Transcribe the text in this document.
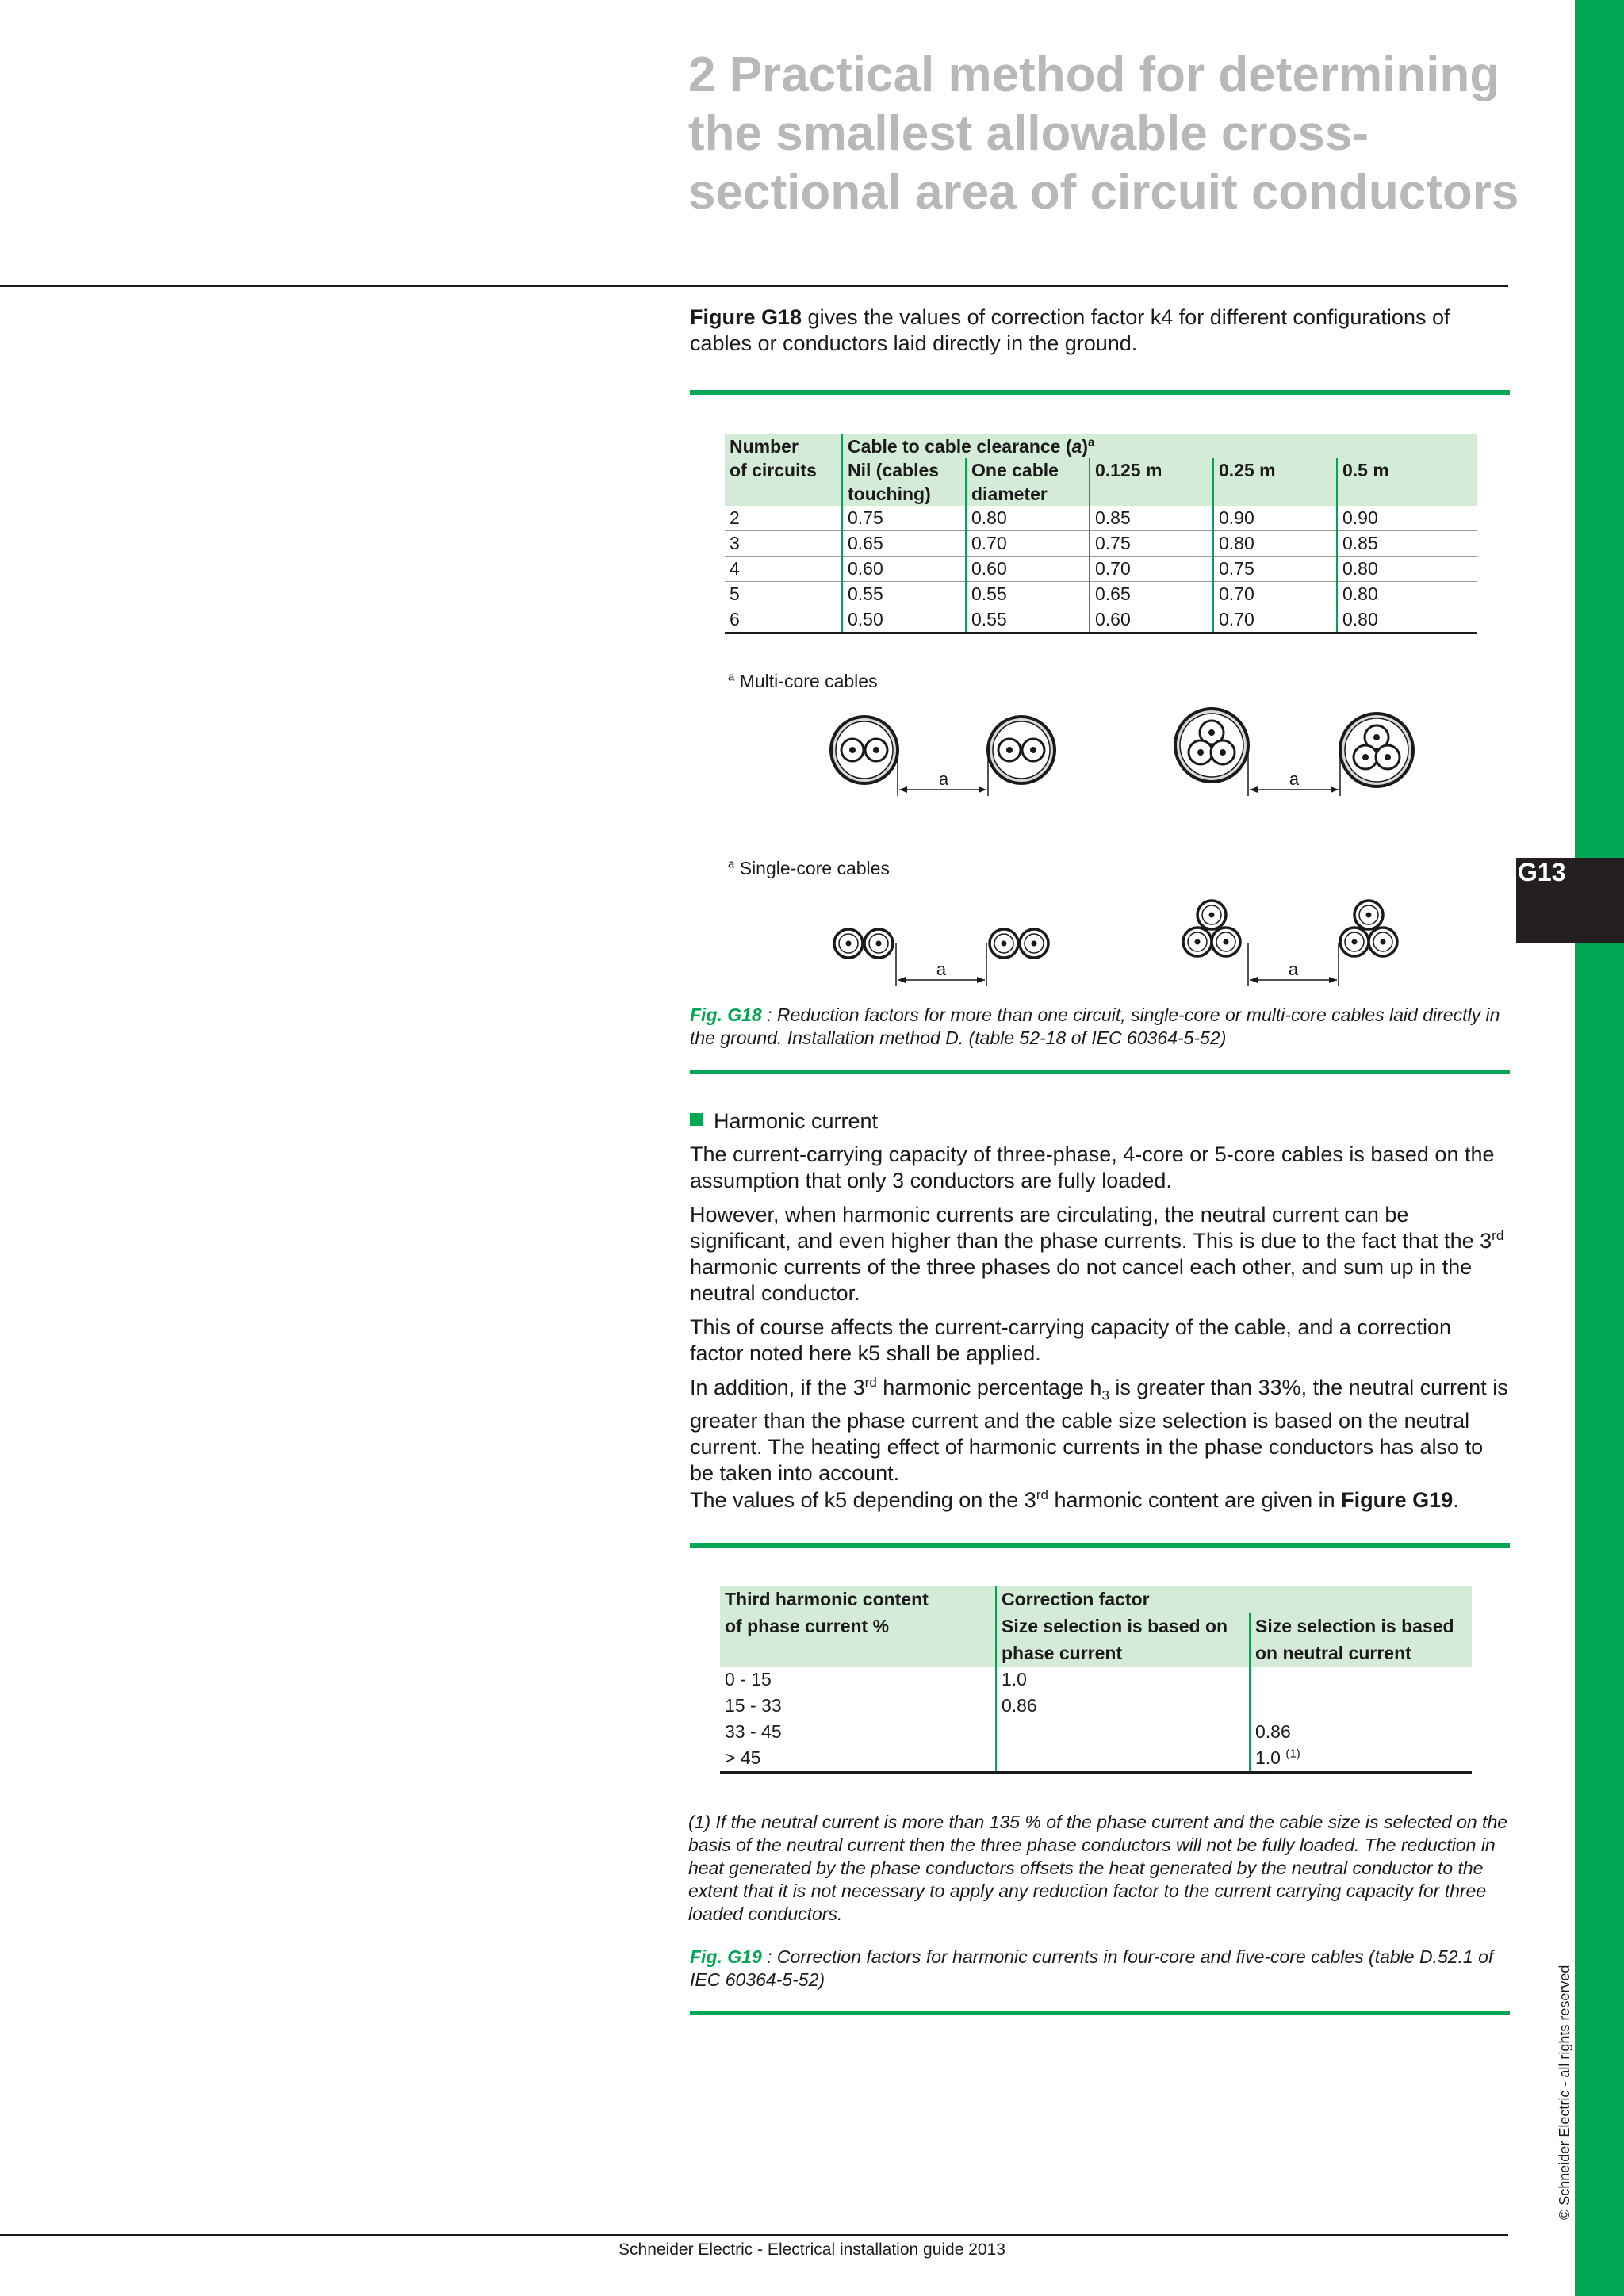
G13
© Schneider Electric - all rights reserved
2 Practical method for determining the smallest allowable cross-sectional area of circuit conductors

Figure G18 gives the values of correction factor k4 for different configurations of cables or conductors laid directly in the ground.

Number	Cable to cable clearance (a)$^a$
of circuits	Nil (cables touching)	One cable diameter	0.125 m	0.25 m	0.5 m
2	0.75	0.80	0.85	0.90	0.90
3	0.65	0.70	0.75	0.80	0.85
4	0.60	0.60	0.70	0.75	0.80
5	0.55	0.55	0.65	0.70	0.80
6	0.50	0.55	0.60	0.70	0.80
$^a$ Multi-core cables
a	a
$^a$ Single-core cables
a	a

Fig. G18 : Reduction factors for more than one circuit, single-core or multi-core cables laid directly in the ground. Installation method D. (table 52-18 of IEC 60364-5-52)

Harmonic current

The current-carrying capacity of three-phase, 4-core or 5-core cables is based on the assumption that only 3 conductors are fully loaded.

However, when harmonic currents are circulating, the neutral current can be significant, and even higher than the phase currents. This is due to the fact that the 3rd harmonic currents of the three phases do not cancel each other, and sum up in the neutral conductor.

This of course affects the current-carrying capacity of the cable, and a correction factor noted here k5 shall be applied.

In addition, if the 3rd harmonic percentage $h_3$ is greater than 33%, the neutral current is greater than the phase current and the cable size selection is based on the neutral current. The heating effect of harmonic currents in the phase conductors has also to be taken into account.

The values of k5 depending on the 3rd harmonic content are given in Figure G19.

Third harmonic content	Correction factor	
of phase current %	Size selection is based on phase current	Size selection is based on neutral current
0 - 15	1.0	
15 - 33	0.86	
33 - 45		0.86
> 45		1.0 $^{(1)}$

(1) If the neutral current is more than 135 % of the phase current and the cable size is selected on the basis of the neutral current then the three phase conductors will not be fully loaded. The reduction in heat generated by the phase conductors offsets the heat generated by the neutral conductor to the extent that it is not necessary to apply any reduction factor to the current carrying capacity for three loaded conductors.

Fig. G19 : Correction factors for harmonic currents in four-core and five-core cables (table D.52.1 of IEC 60364-5-52)

Schneider Electric - Electrical installation guide 2013
